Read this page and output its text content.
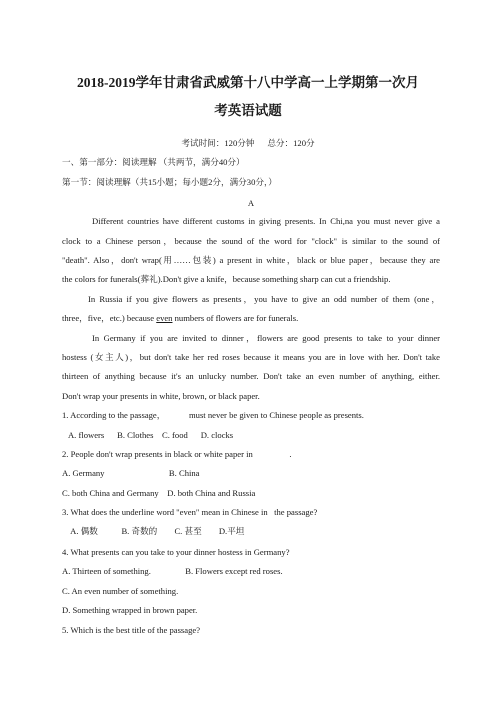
2018-2019学年甘肃省武威第十八中学高一上学期第一次月
考英语试题
考试时间：120分钟      总分：120分
一、第一部分：阅读理解 （共两节，满分40分）
第一节：阅读理解（共15小题；每小题2分，满分30分，）
A
Different countries have different customs in giving presents. In Chi,na you must never give a
clock to a Chinese person，because the sound of the word for "clock" is similar to the sound of
"death". Also，don't wrap(用……包装) a present in white，black or blue paper，because they are
the colors for funerals(葬礼).Don't give a knife，because something sharp can cut a friendship.
In Russia if you give flowers as presents，you have to give an odd number of them (one，
three，five，etc.) because even numbers of flowers are for funerals.
In Germany if you are invited to dinner，flowers are good presents to take to your dinner
hostess (女主人)，but don't take her red roses because it means you are in love with her. Don't take
thirteen of anything because it's an unlucky number. Don't take an even number of anything, either.
Don't wrap your presents in white, brown, or black paper.
1. According to the passage，           must never be given to Chinese people as presents.
A. flowers      B. Clothes    C. food      D. clocks
2. People don't wrap presents in black or white paper in                 .
A. Germany                              B. China
C. both China and Germany    D. both China and Russia
3. What does the underline word "even" mean in Chinese in   the passage?
A. 偶数           B. 奇数的        C. 甚至        D.平坦
4. What presents can you take to your dinner hostess in Germany?
A. Thirteen of something.                B. Flowers except red roses.
C. An even number of something.
D. Something wrapped in brown paper.
5. Which is the best title of the passage?
